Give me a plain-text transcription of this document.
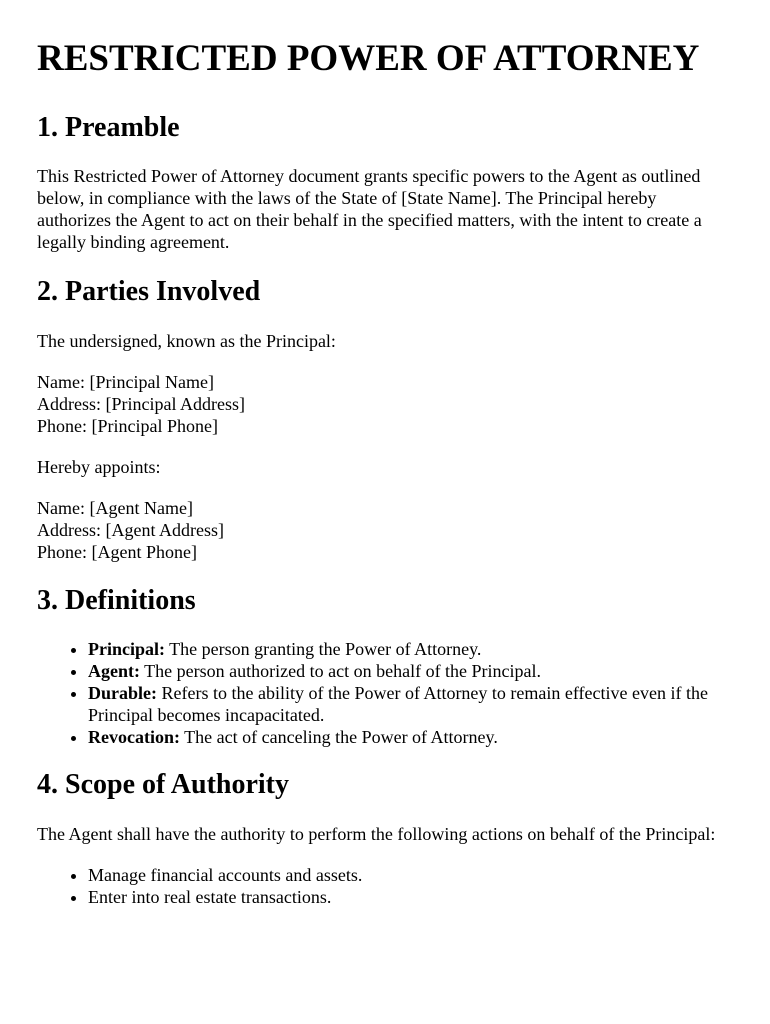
RESTRICTED POWER OF ATTORNEY
1. Preamble

This Restricted Power of Attorney document grants specific powers to the Agent as outlined below, in compliance with the laws of the State of [State Name]. The Principal hereby authorizes the Agent to act on their behalf in the specified matters, with the intent to create a legally binding agreement.

2. Parties Involved

The undersigned, known as the Principal:

Name: [Principal Name]
Address: [Principal Address]
Phone: [Principal Phone]

Hereby appoints:

Name: [Agent Name]
Address: [Agent Address]
Phone: [Agent Phone]

3. Definitions
• Principal: The person granting the Power of Attorney.
• Agent: The person authorized to act on behalf of the Principal.
• Durable: Refers to the ability of the Power of Attorney to remain effective even if the Principal becomes incapacitated.
• Revocation: The act of canceling the Power of Attorney.
4. Scope of Authority

The Agent shall have the authority to perform the following actions on behalf of the Principal:

• Manage financial accounts and assets.
• Enter into real estate transactions.
